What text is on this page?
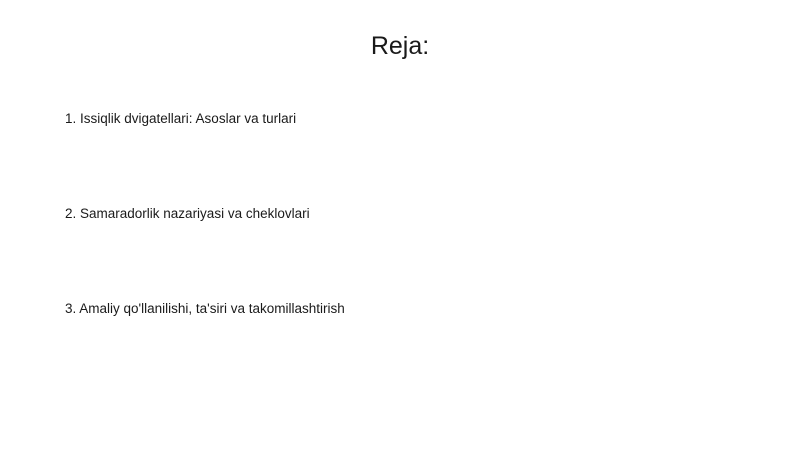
Reja:
1. Issiqlik dvigatellari: Asoslar va turlari
2. Samaradorlik nazariyasi va cheklovlari
3. Amaliy qo'llanilishi, ta'siri va takomillashtirish
